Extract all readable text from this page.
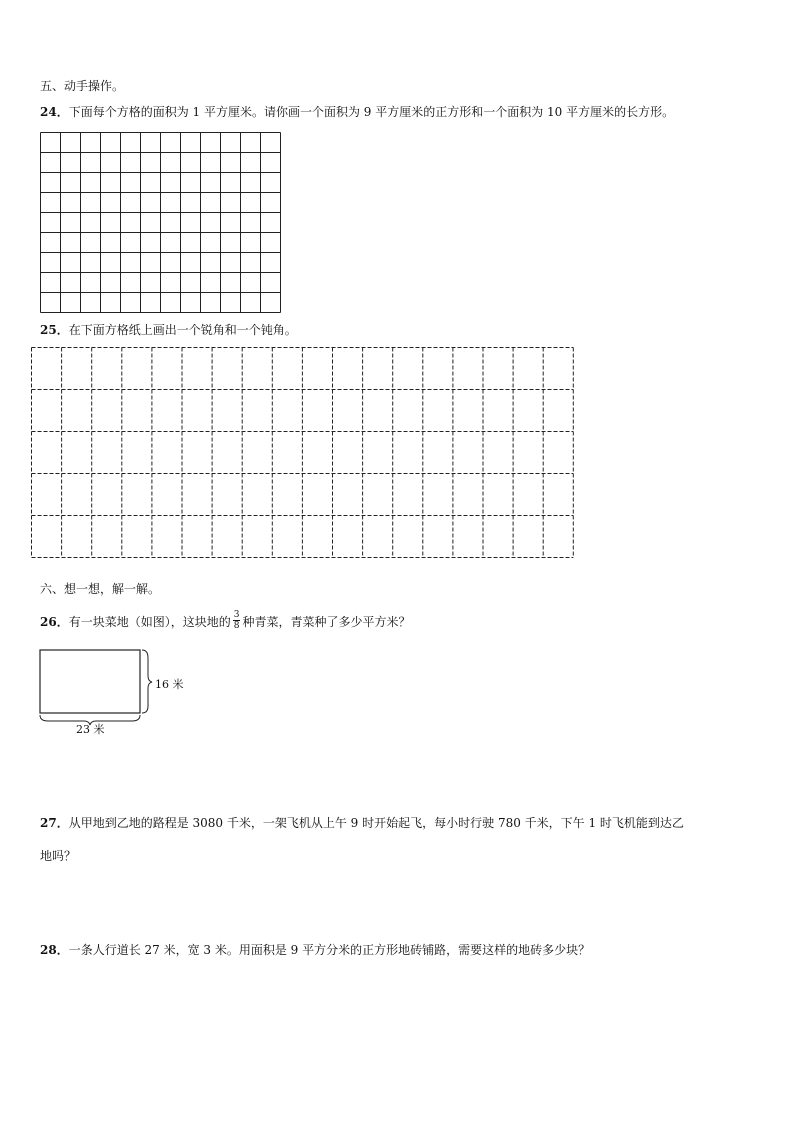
五、动手操作。
24．下面每个方格的面积为 1 平方厘米。请你画一个面积为 9 平方厘米的正方形和一个面积为 10 平方厘米的长方形。
25．在下面方格纸上画出一个锐角和一个钝角。
六、想一想，解一解。
26．有一块菜地（如图），这块地的 $\frac{3}{8}$ 种青菜，青菜种了多少平方米？
16 米
23 米
27．从甲地到乙地的路程是 3080 千米，一架飞机从上午 9 时开始起飞，每小时行驶 780 千米，下午 1 时飞机能到达乙
地吗？
28．一条人行道长 27 米，宽 3 米。用面积是 9 平方分米的正方形地砖铺路，需要这样的地砖多少块？
